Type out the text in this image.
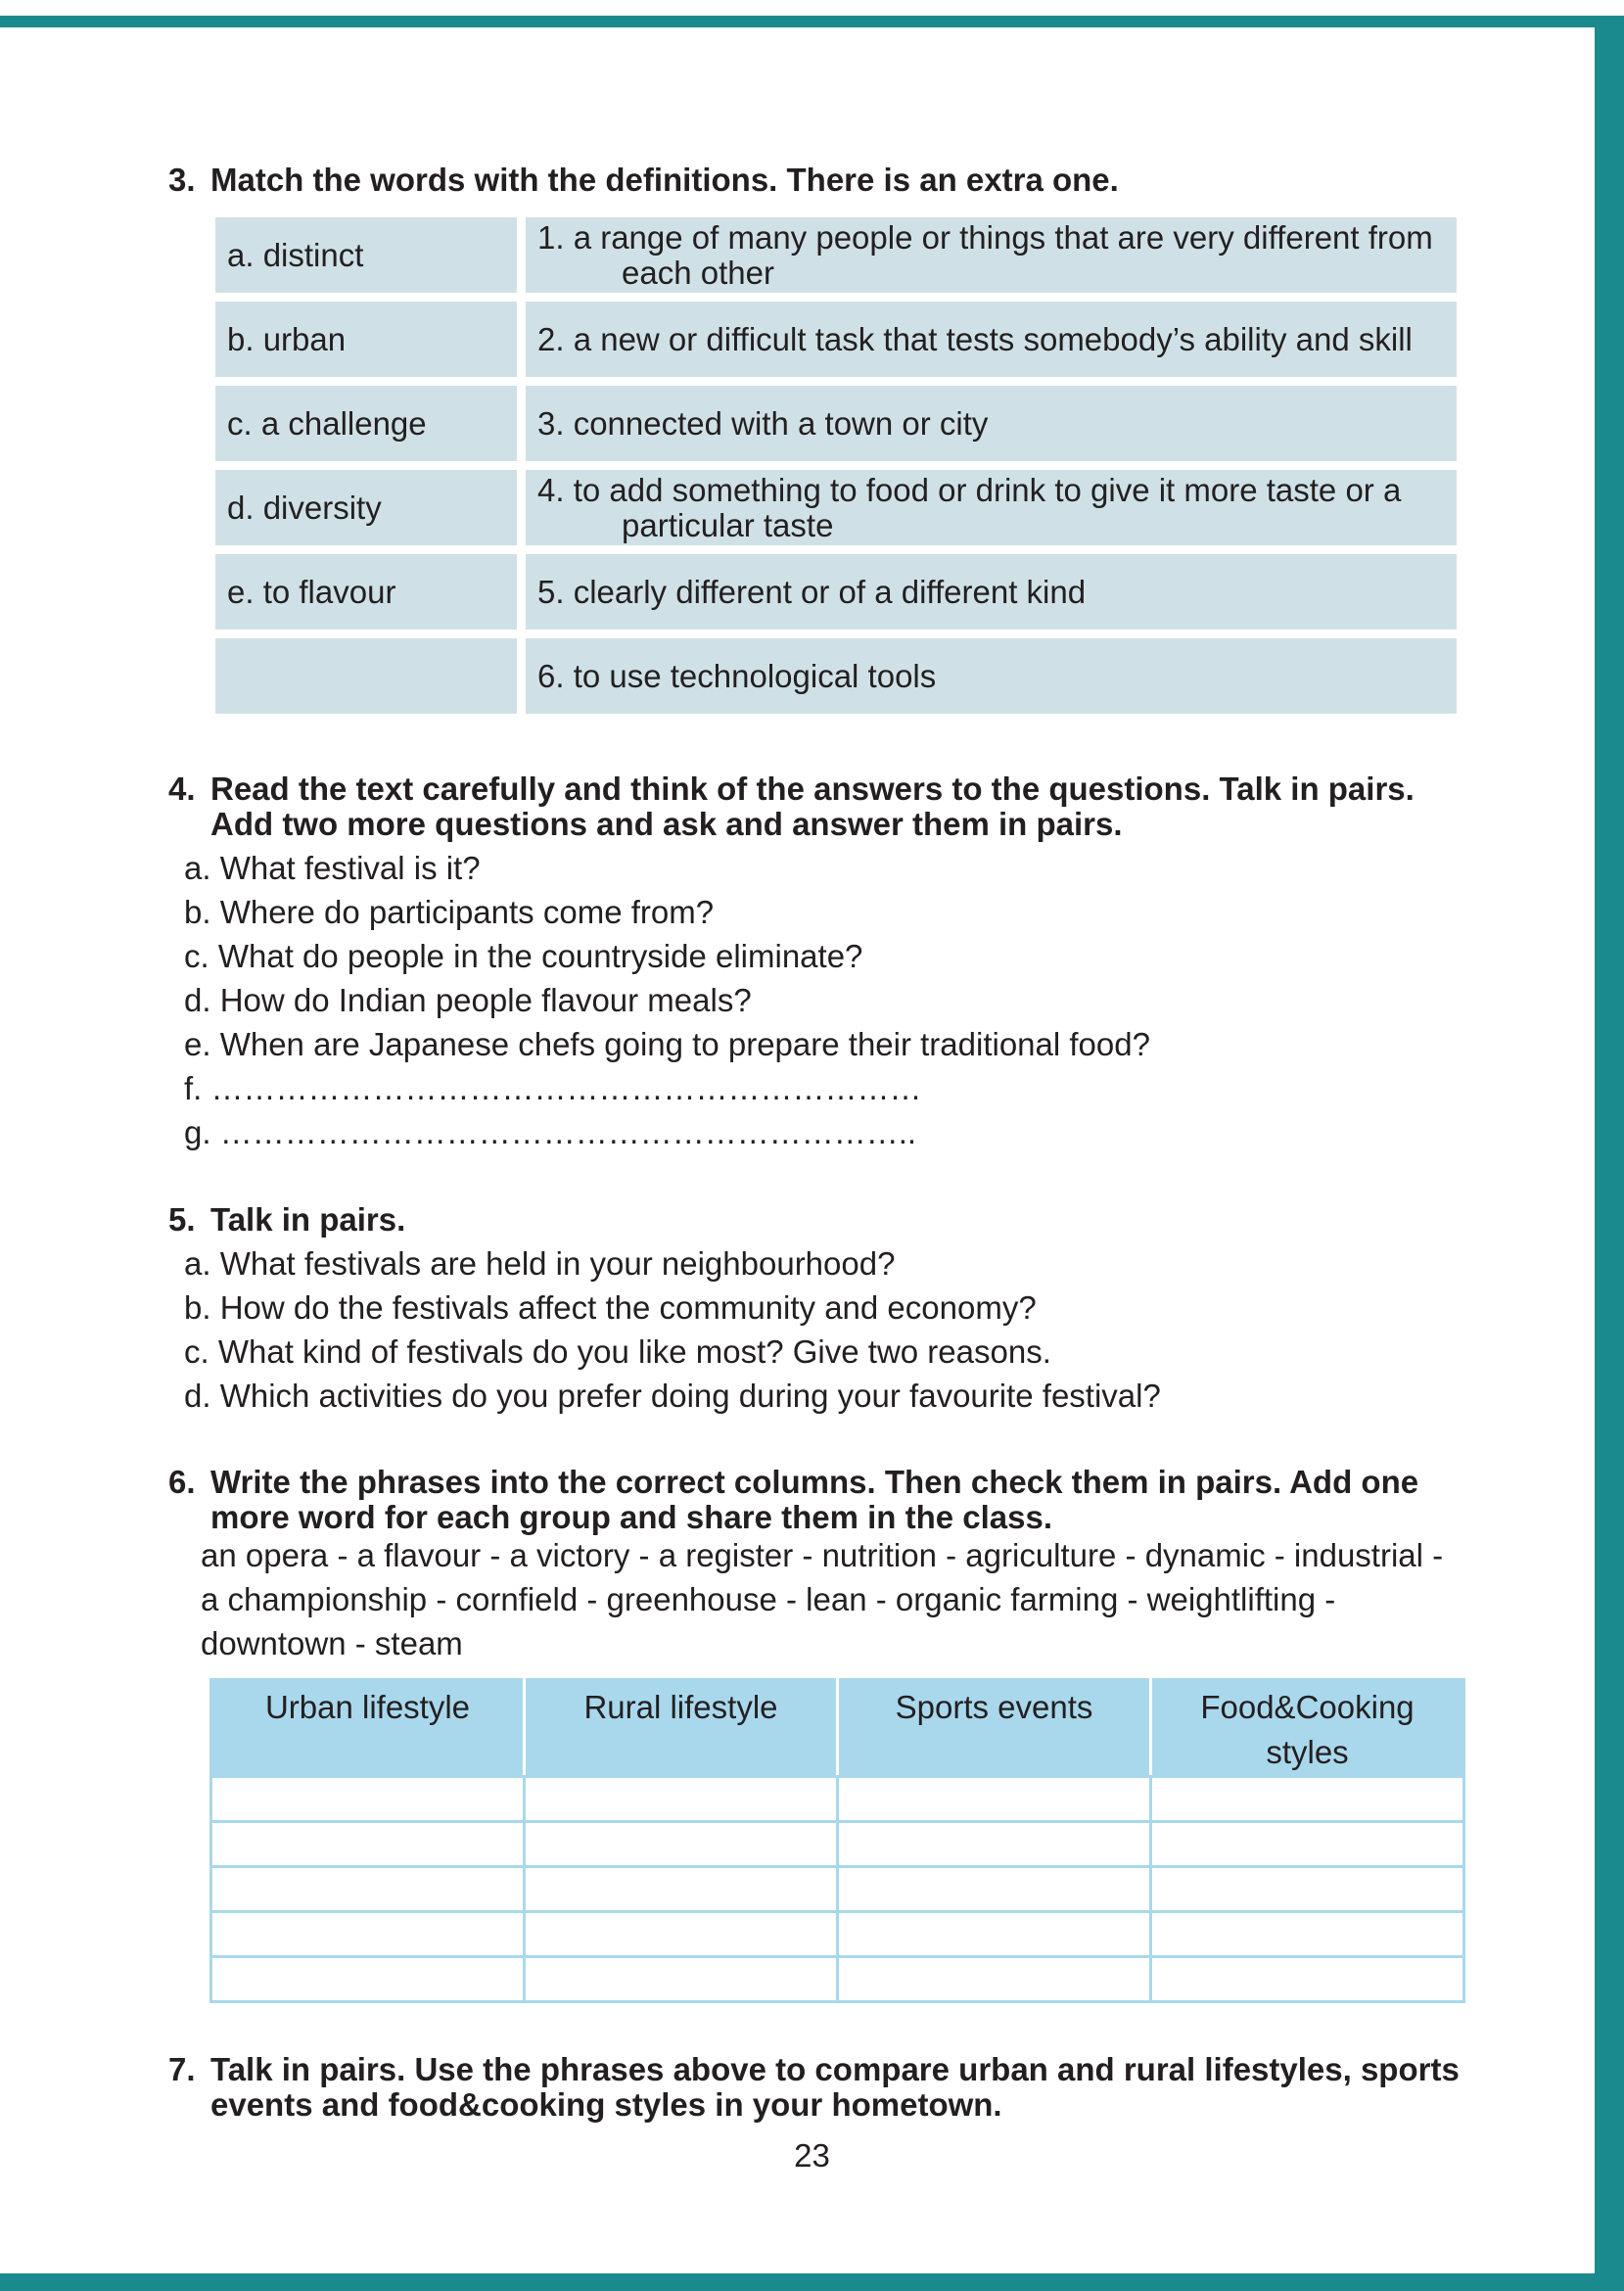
3. Match the words with the definitions. There is an extra one.
a. distinct	1. a range of many people or things that are very different from
each other

b. urban	2. a new or difficult task that tests somebody’s ability and skill
c. a challenge	3. connected with a town or city
d. diversity	4. to add something to food or drink to give it more taste or a
particular taste

e. to flavour	5. clearly different or of a different kind
	6. to use technological tools
4. Read the text carefully and think of the answers to the questions. Talk in pairs.
Add two more questions and ask and answer them in pairs.
a. What festival is it?
b. Where do participants come from?
c. What do people in the countryside eliminate?
d. How do Indian people flavour meals?
e. When are Japanese chefs going to prepare their traditional food?
f. …………………………………………………………
g. ………………………………………………………..
5. Talk in pairs.
a. What festivals are held in your neighbourhood?
b. How do the festivals affect the community and economy?
c. What kind of festivals do you like most? Give two reasons.
d. Which activities do you prefer doing during your favourite festival?
6. Write the phrases into the correct columns. Then check them in pairs. Add one
more word for each group and share them in the class.
an opera - a flavour - a victory - a register - nutrition - agriculture - dynamic - industrial -
a championship - cornfield - greenhouse - lean - organic farming - weightlifting -
downtown - steam
Urban lifestyle	Rural lifestyle	Sports events	Food&Cooking styles

7. Talk in pairs. Use the phrases above to compare urban and rural lifestyles, sports
events and food&cooking styles in your hometown.

23
